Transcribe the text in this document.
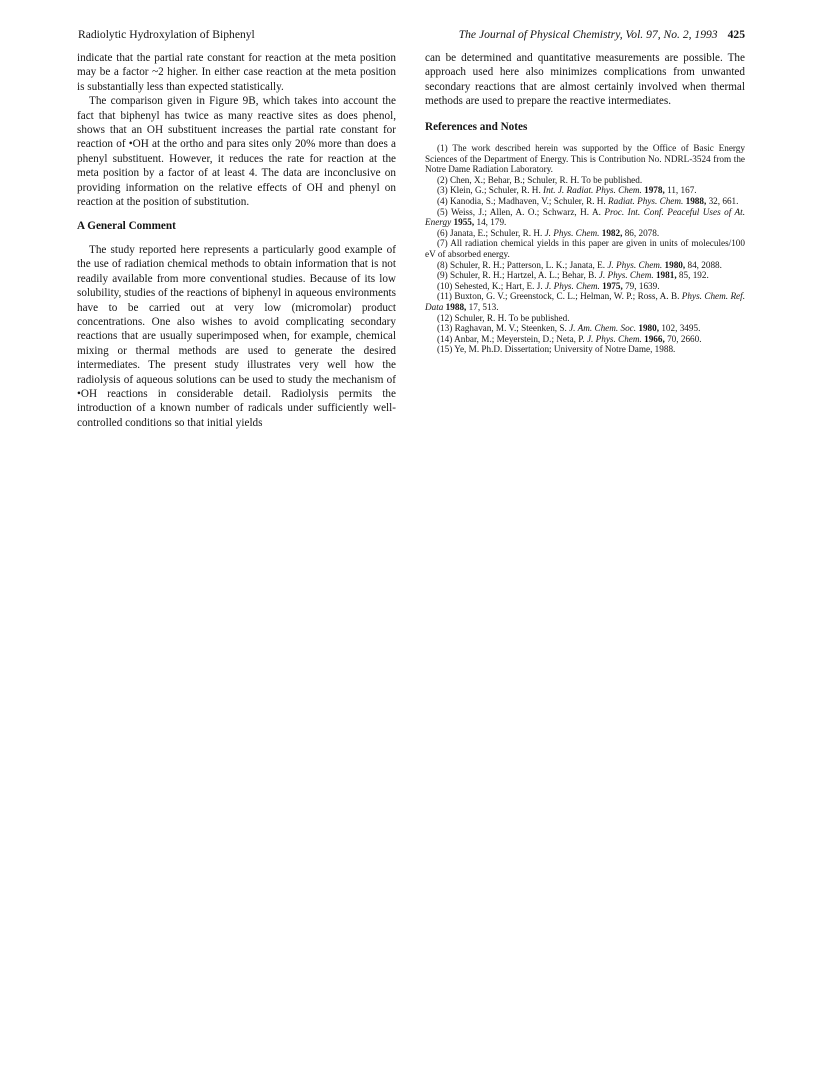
Radiolytic Hydroxylation of Biphenyl	The Journal of Physical Chemistry, Vol. 97, No. 2, 1993 425

indicate that the partial rate constant for reaction at the meta position may be a factor ~2 higher. In either case reaction at the meta position is substantially less than expected statistically.

The comparison given in Figure 9B, which takes into account the fact that biphenyl has twice as many reactive sites as does phenol, shows that an OH substituent increases the partial rate constant for reaction of •OH at the ortho and para sites only 20% more than does a phenyl substituent. However, it reduces the rate for reaction at the meta position by a factor of at least 4. The data are inconclusive on providing information on the relative effects of OH and phenyl on reaction at the position of substitution.

A General Comment

The study reported here represents a particularly good example of the use of radiation chemical methods to obtain information that is not readily available from more conventional studies. Because of its low solubility, studies of the reactions of biphenyl in aqueous environments have to be carried out at very low (micromolar) product concentrations. One also wishes to avoid complicating secondary reactions that are usually superimposed when, for example, chemical mixing or thermal methods are used to generate the desired intermediates. The present study illustrates very well how the radiolysis of aqueous solutions can be used to study the mechanism of •OH reactions in considerable detail. Radiolysis permits the introduction of a known number of radicals under sufficiently well-controlled conditions so that initial yields

can be determined and quantitative measurements are possible. The approach used here also minimizes complications from unwanted secondary reactions that are almost certainly involved when thermal methods are used to prepare the reactive intermediates.

References and Notes

(1) The work described herein was supported by the Office of Basic Energy Sciences of the Department of Energy. This is Contribution No. NDRL-3524 from the Notre Dame Radiation Laboratory.

(2) Chen, X.; Behar, B.; Schuler, R. H. To be published.

(3) Klein, G.; Schuler, R. H. Int. J. Radiat. Phys. Chem. 1978, 11, 167.

(4) Kanodia, S.; Madhaven, V.; Schuler, R. H. Radiat. Phys. Chem. 1988, 32, 661.

(5) Weiss, J.; Allen, A. O.; Schwarz, H. A. Proc. Int. Conf. Peaceful Uses of At. Energy 1955, 14, 179.

(6) Janata, E.; Schuler, R. H. J. Phys. Chem. 1982, 86, 2078.

(7) All radiation chemical yields in this paper are given in units of molecules/100 eV of absorbed energy.

(8) Schuler, R. H.; Patterson, L. K.; Janata, E. J. Phys. Chem. 1980, 84, 2088.

(9) Schuler, R. H.; Hartzel, A. L.; Behar, B. J. Phys. Chem. 1981, 85, 192.

(10) Sehested, K.; Hart, E. J. J. Phys. Chem. 1975, 79, 1639.

(11) Buxton, G. V.; Greenstock, C. L.; Helman, W. P.; Ross, A. B. Phys. Chem. Ref. Data 1988, 17, 513.

(12) Schuler, R. H. To be published.

(13) Raghavan, M. V.; Steenken, S. J. Am. Chem. Soc. 1980, 102, 3495.

(14) Anbar, M.; Meyerstein, D.; Neta, P. J. Phys. Chem. 1966, 70, 2660.

(15) Ye, M. Ph.D. Dissertation; University of Notre Dame, 1988.
